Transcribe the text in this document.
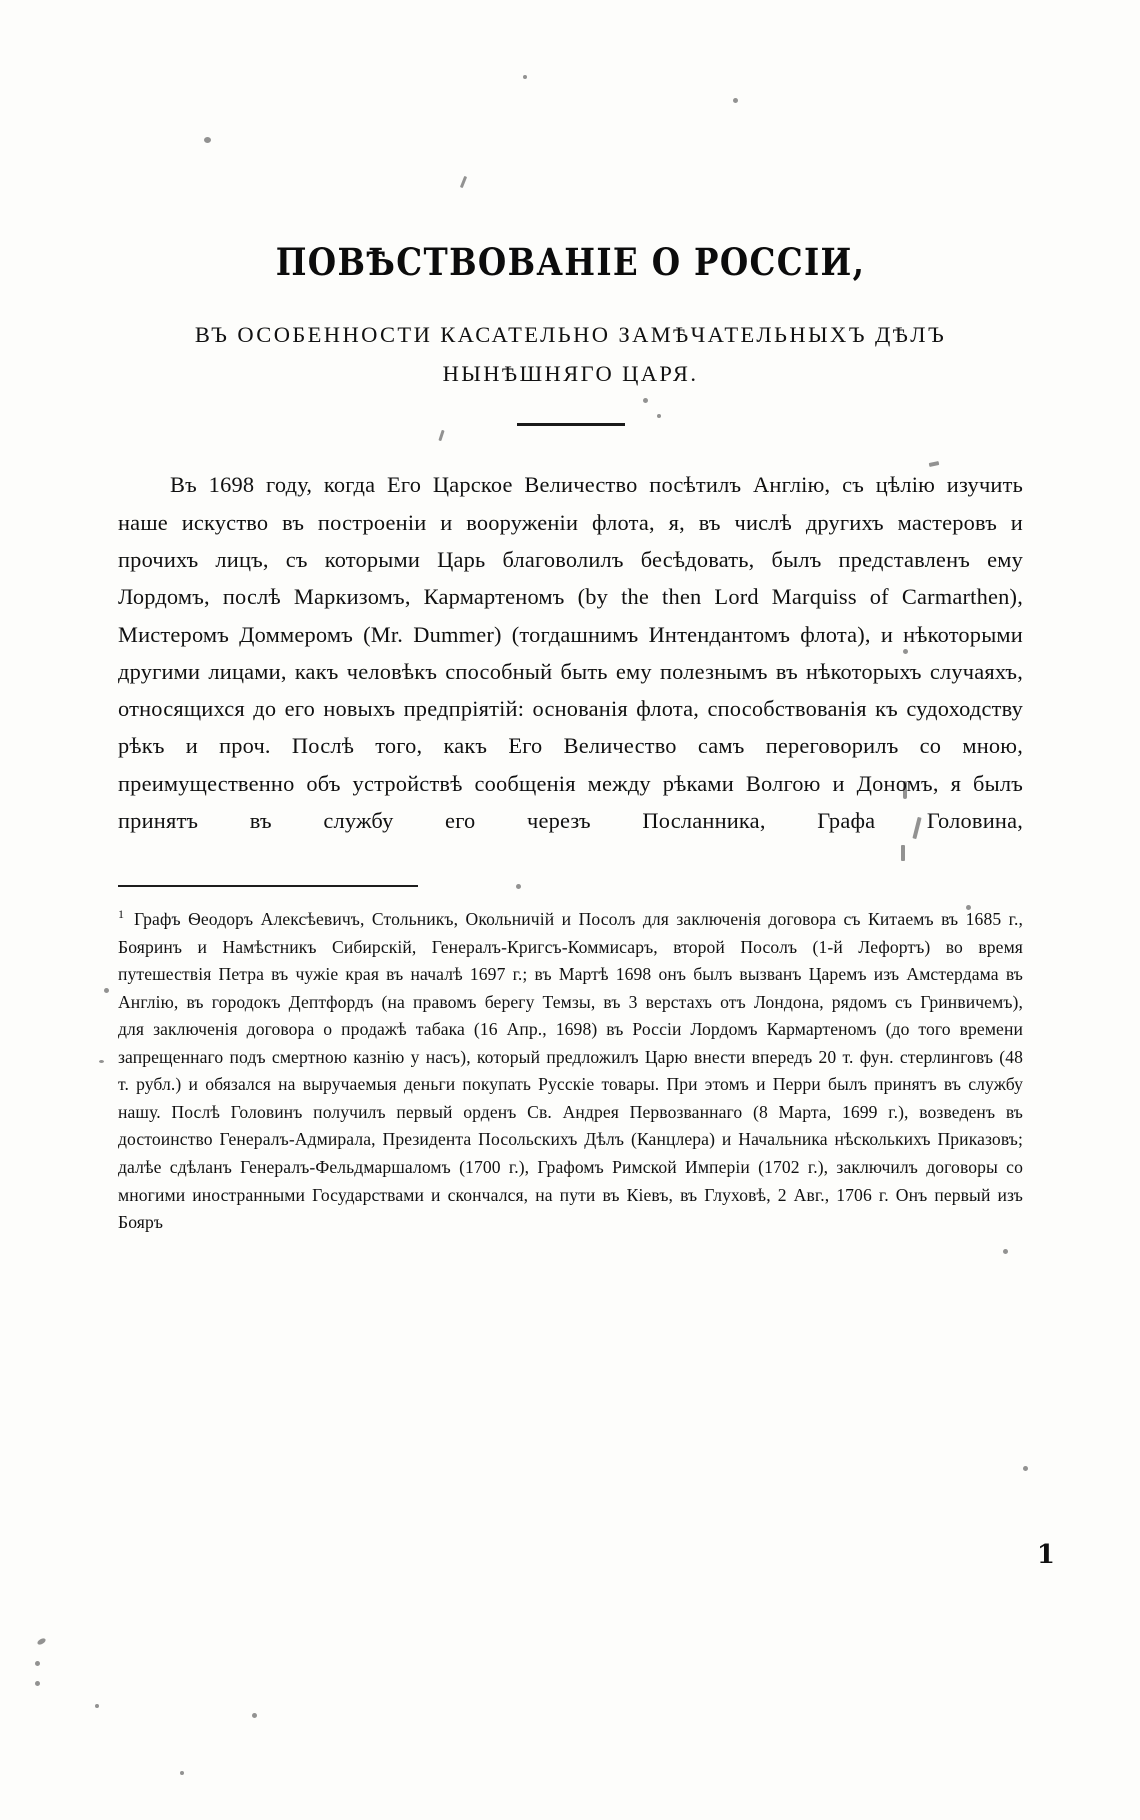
ПОВѢСТВОВАНІЕ О РОССІИ,
ВЪ ОСОБЕННОСТИ КАСАТЕЛЬНО ЗАМѢЧАТЕЛЬНЫХЪ ДѢЛЪ
НЫНѢШНЯГО ЦАРЯ.

Въ 1698 году, когда Его Царское Величество посѣтилъ Англію, съ цѣлію изучить наше искуство въ построеніи и вооруженіи флота, я, въ числѣ другихъ мастеровъ и прочихъ лицъ, съ которыми Царь благоволилъ бесѣдовать, былъ представленъ ему Лордомъ, послѣ Маркизомъ, Кармартеномъ (by the then Lord Marquiss of Carmarthen), Мистеромъ Доммеромъ (Mr. Dummer) (тогдашнимъ Интендантомъ флота), и нѣкоторыми другими лицами, какъ человѣкъ способный быть ему полезнымъ въ нѣкоторыхъ случаяхъ, относящихся до его новыхъ предпріятій: основанія флота, способствованія къ судоходству рѣкъ и проч. Послѣ того, какъ Его Величество самъ переговорилъ со мною, преимущественно объ устройствѣ сообщенія между рѣками Волгою и Дономъ, я былъ принятъ въ службу его черезъ Посланника, Графа Головина,

1 Графъ Ѳеодоръ Алексѣевичъ, Стольникъ, Окольничій и Посолъ для заключенія договора съ Китаемъ въ 1685 г., Бояринъ и Намѣстникъ Сибирскій, Генералъ-Кригсъ-Коммисаръ, второй Посолъ (1-й Лефортъ) во время путешествія Петра въ чужіе края въ началѣ 1697 г.; въ Мартѣ 1698 онъ былъ вызванъ Царемъ изъ Амстердама въ Англію, въ городокъ Дептфордъ (на правомъ берегу Темзы, въ 3 верстахъ отъ Лондона, рядомъ съ Гринвичемъ), для заключенія договора о продажѣ табака (16 Апр., 1698) въ Россіи Лордомъ Кармартеномъ (до того времени запрещеннаго подъ смертною казнію у насъ), который предложилъ Царю внести впередъ 20 т. фун. стерлинговъ (48 т. рубл.) и обязался на выручаемыя деньги покупать Русскіе товары. При этомъ и Перри былъ принятъ въ службу нашу. Послѣ Головинъ получилъ первый орденъ Св. Андрея Первозваннаго (8 Марта, 1699 г.), возведенъ въ достоинство Генералъ-Адмирала, Президента Посольскихъ Дѣлъ (Канцлера) и Начальника нѣсколькихъ Приказовъ; далѣе сдѣланъ Генералъ-Фельдмаршаломъ (1700 г.), Графомъ Римской Имперіи (1702 г.), заключилъ договоры со многими иностранными Государствами и скончался, на пути въ Кіевъ, въ Глуховѣ, 2 Авг., 1706 г. Онъ первый изъ Бояръ

1
